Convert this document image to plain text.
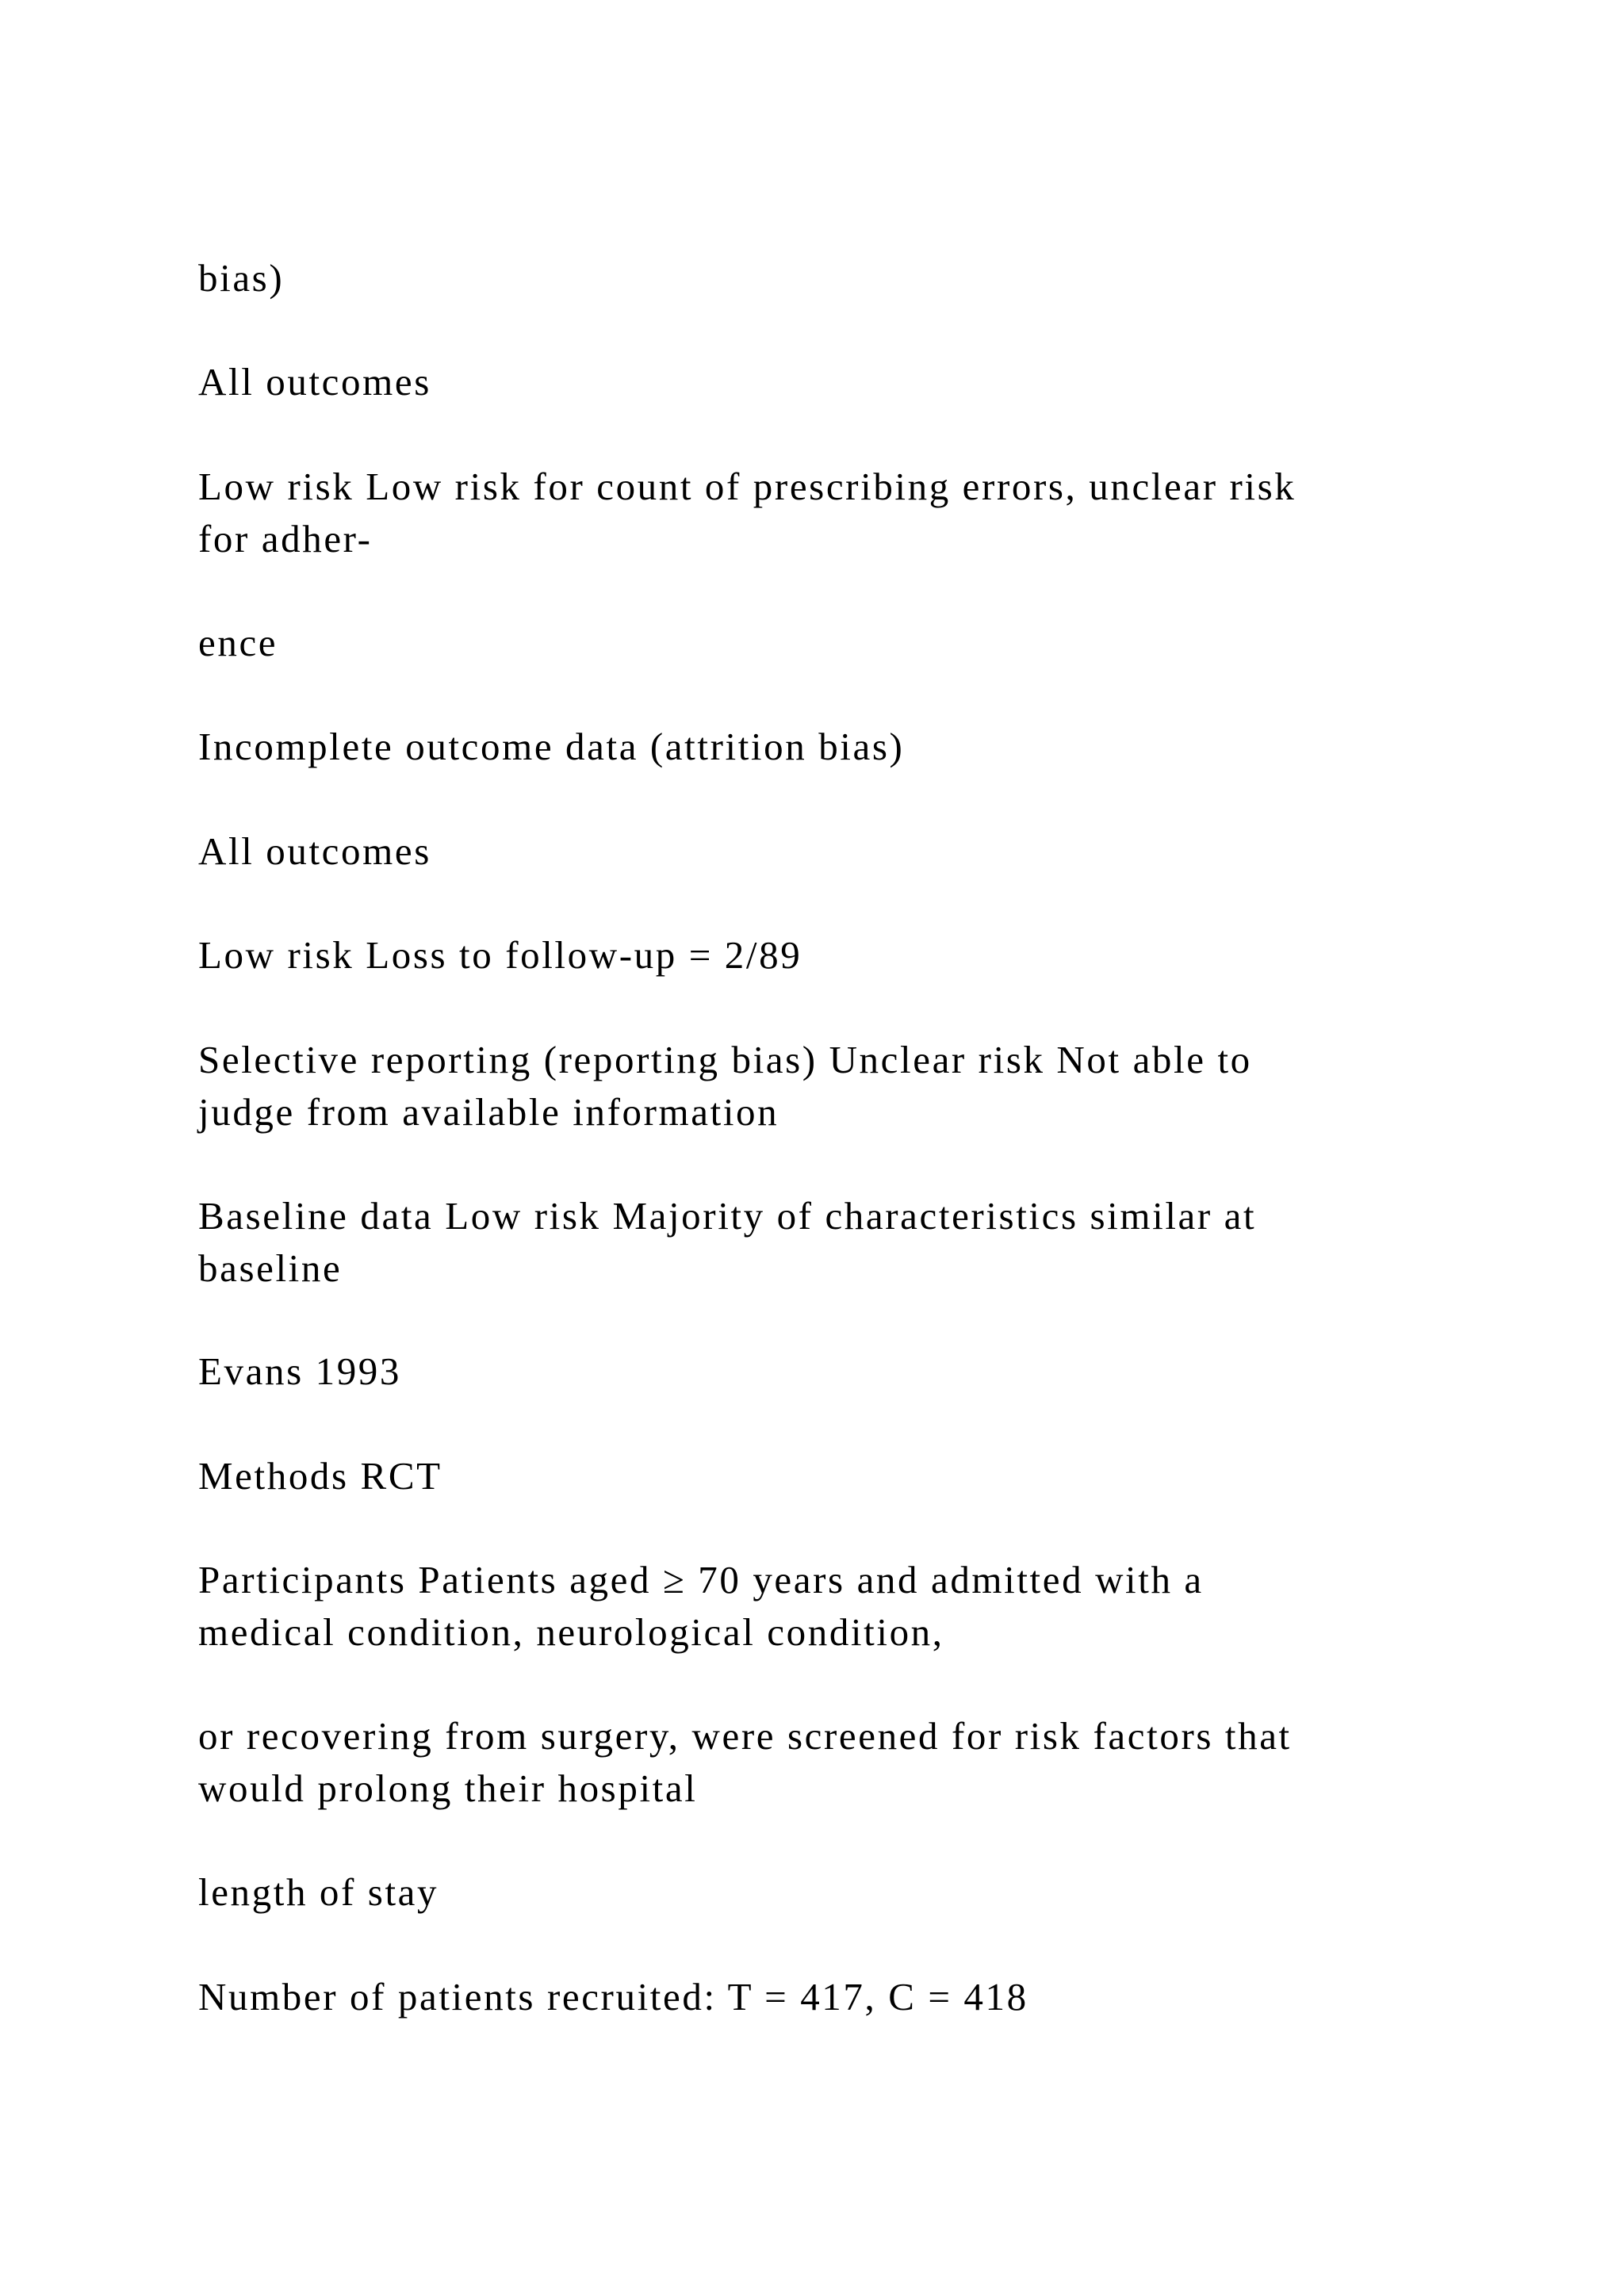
bias)

All outcomes

Low risk Low risk for count of prescribing errors, unclear risk
for adher-

ence

Incomplete outcome data (attrition bias)

All outcomes

Low risk Loss to follow-up = 2/89

Selective reporting (reporting bias) Unclear risk Not able to
judge from available information

Baseline data Low risk Majority of characteristics similar at
baseline

Evans 1993

Methods RCT

Participants Patients aged ≥ 70 years and admitted with a
medical condition, neurological condition,

or recovering from surgery, were screened for risk factors that
would prolong their hospital

length of stay

Number of patients recruited: T = 417, C = 418
